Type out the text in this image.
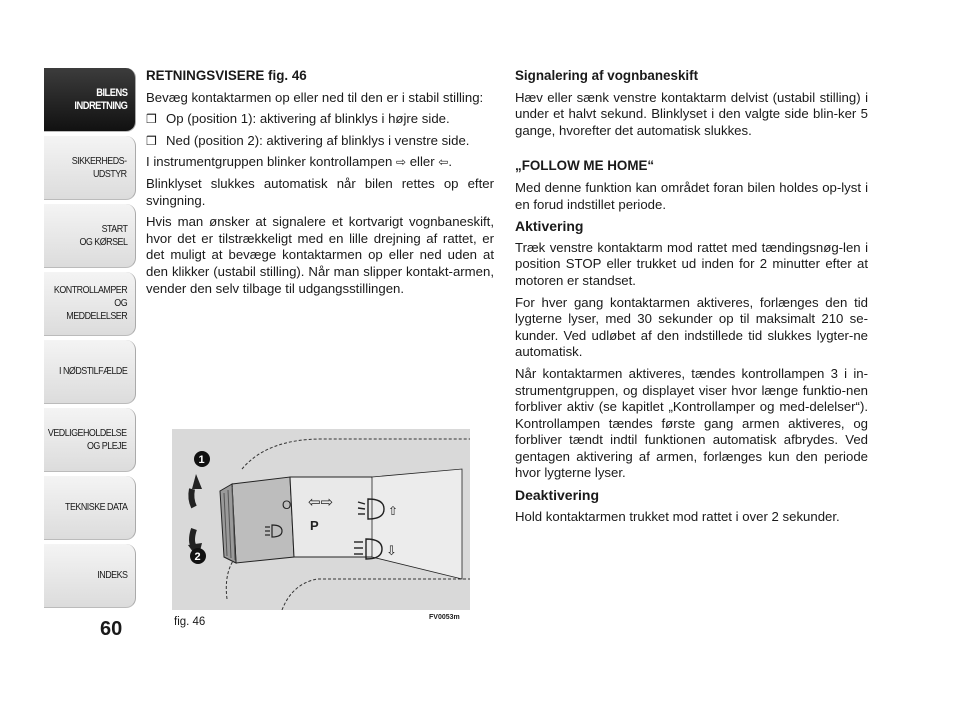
BILENS
INDRETNING
SIKKERHEDS-
UDSTYR
START
OG KØRSEL
KONTROLLAMPER
OG MEDDELELSER
I NØDSTILFÆLDE
VEDLIGEHOLDELSE
OG PLEJE
TEKNISKE DATA
INDEKS
60

RETNINGSVISERE fig. 46

Bevæg kontaktarmen op eller ned til den er i stabil stilling:

❒ Op (position 1): aktivering af blinklys i højre side.

❒ Ned (position 2): aktivering af blinklys i venstre side.

I instrumentgruppen blinker kontrollampen ⇨ eller ⇦.

Blinklyset slukkes automatisk når bilen rettes op efter svingning.

Hvis man ønsker at signalere et kortvarigt vognbaneskift, hvor det er tilstrækkeligt med en lille drejning af rattet, er det muligt at bevæge kontaktarmen op eller ned uden at den klikker (ustabil stilling). Når man slipper kontakt-armen, vender den selv tilbage til udgangsstillingen.

Signalering af vognbaneskift

Hæv eller sænk venstre kontaktarm delvist (ustabil stilling) i under et halvt sekund. Blinklyset i den valgte side blin-ker 5 gange, hvorefter det automatisk slukkes.

„FOLLOW ME HOME“

Med denne funktion kan området foran bilen holdes op-lyst i en forud indstillet periode.

Aktivering

Træk venstre kontaktarm mod rattet med tændingsnøg-len i position STOP eller trukket ud inden for 2 minutter efter at motoren er standset.

For hver gang kontaktarmen aktiveres, forlænges den tid lygterne lyser, med 30 sekunder op til maksimalt 210 se-kunder. Ved udløbet af den indstillede tid slukkes lygter-ne automatisk.

Når kontaktarmen aktiveres, tændes kontrollampen 3 i in-strumentgruppen, og displayet viser hvor længe funktio-nen forbliver aktiv (se kapitlet „Kontrollamper og med-delelser“). Kontrollampen tændes første gang armen aktiveres, og forbliver tændt indtil funktionen automatisk afbrydes. Ved gentagen aktivering af armen, forlænges kun den periode hvor lygterne lyser.

Deaktivering

Hold kontaktarmen trukket mod rattet i over 2 sekunder.

1
2
O ⇦⇨
P
⇧
⇩
fig. 46	FV0053m
